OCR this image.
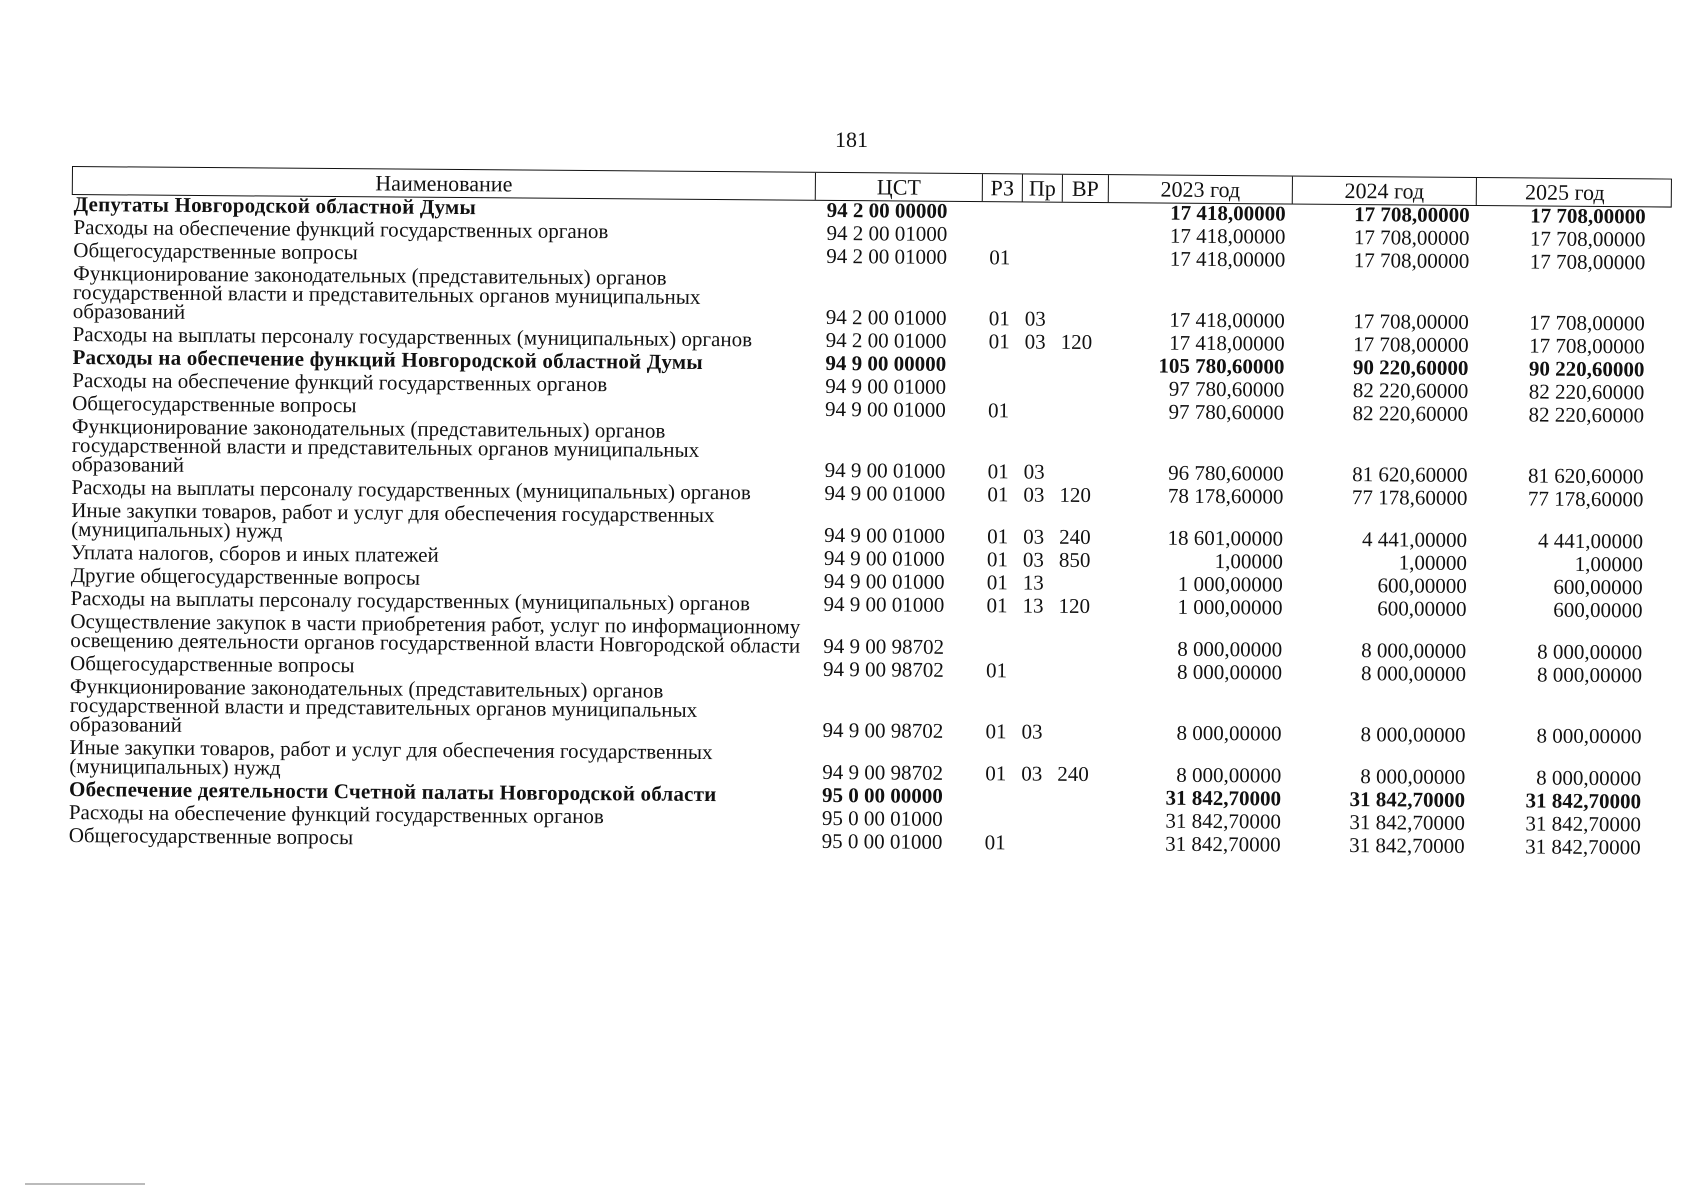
181
Наименование	ЦСТ	РЗ Пр ВР	2023 год	2024 год	2025 год
Депутаты Новгородской областной Думы	94 2 00 00000	17 418,00000	17 708,00000	17 708,00000
Расходы на обеспечение функций государственных органов	94 2 00 01000	17 418,00000	17 708,00000	17 708,00000
Общегосударственные вопросы	94 2 00 01000	01	17 418,00000	17 708,00000	17 708,00000
Функционирование законодательных (представительных) органов государственной власти и представительных органов муниципальных образований	94 2 00 01000	01 03	17 418,00000	17 708,00000	17 708,00000
Расходы на выплаты персоналу государственных (муниципальных) органов	94 2 00 01000	01 03 120	17 418,00000	17 708,00000	17 708,00000
Расходы на обеспечение функций Новгородской областной Думы	94 9 00 00000	105 780,60000	90 220,60000	90 220,60000
Расходы на обеспечение функций государственных органов	94 9 00 01000	97 780,60000	82 220,60000	82 220,60000
Общегосударственные вопросы	94 9 00 01000	01	97 780,60000	82 220,60000	82 220,60000
Функционирование законодательных (представительных) органов государственной власти и представительных органов муниципальных образований	94 9 00 01000	01 03	96 780,60000	81 620,60000	81 620,60000
Расходы на выплаты персоналу государственных (муниципальных) органов	94 9 00 01000	01 03 120	78 178,60000	77 178,60000	77 178,60000
Иные закупки товаров, работ и услуг для обеспечения государственных (муниципальных) нужд	94 9 00 01000	01 03 240	18 601,00000	4 441,00000	4 441,00000
Уплата налогов, сборов и иных платежей	94 9 00 01000	01 03 850	1,00000	1,00000	1,00000
Другие общегосударственные вопросы	94 9 00 01000	01 13	1 000,00000	600,00000	600,00000
Расходы на выплаты персоналу государственных (муниципальных) органов	94 9 00 01000	01 13 120	1 000,00000	600,00000	600,00000
Осуществление закупок в части приобретения работ, услуг по информационному освещению деятельности органов государственной власти Новгородской области	94 9 00 98702	8 000,00000	8 000,00000	8 000,00000
Общегосударственные вопросы	94 9 00 98702	01	8 000,00000	8 000,00000	8 000,00000
Функционирование законодательных (представительных) органов государственной власти и представительных органов муниципальных образований	94 9 00 98702	01 03	8 000,00000	8 000,00000	8 000,00000
Иные закупки товаров, работ и услуг для обеспечения государственных (муниципальных) нужд	94 9 00 98702	01 03 240	8 000,00000	8 000,00000	8 000,00000
Обеспечение деятельности Счетной палаты Новгородской области	95 0 00 00000	31 842,70000	31 842,70000	31 842,70000
Расходы на обеспечение функций государственных органов	95 0 00 01000	31 842,70000	31 842,70000	31 842,70000
Общегосударственные вопросы	95 0 00 01000	01	31 842,70000	31 842,70000	31 842,70000
